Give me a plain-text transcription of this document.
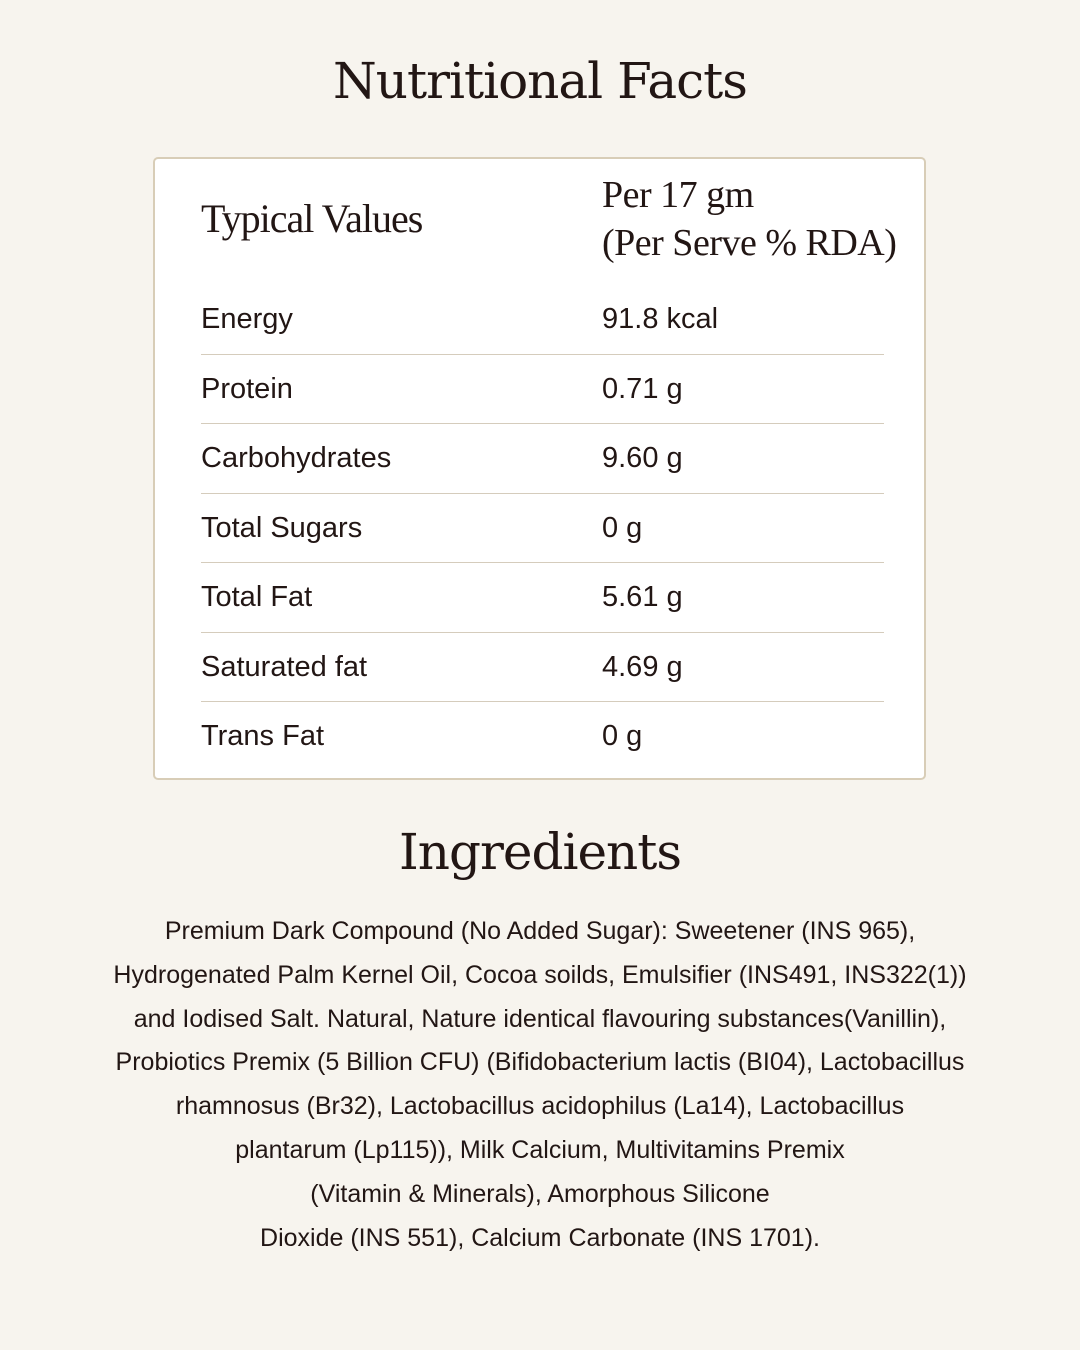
Nutritional Facts
Typical Values
Per 17 gm
(Per Serve % RDA)
Energy	91.8 kcal
Protein	0.71 g
Carbohydrates	9.60 g
Total Sugars	0 g
Total Fat	5.61 g
Saturated fat	4.69 g
Trans Fat	0 g
Ingredients

Premium Dark Compound (No Added Sugar): Sweetener (INS 965),
Hydrogenated Palm Kernel Oil, Cocoa soilds, Emulsifier (INS491, INS322(1))
and Iodised Salt. Natural, Nature identical flavouring substances(Vanillin),
Probiotics Premix (5 Billion CFU) (Bifidobacterium lactis (BI04), Lactobacillus
rhamnosus (Br32), Lactobacillus acidophilus (La14), Lactobacillus
plantarum (Lp115)), Milk Calcium, Multivitamins Premix
(Vitamin & Minerals), Amorphous Silicone
Dioxide (INS 551), Calcium Carbonate (INS 1701).
